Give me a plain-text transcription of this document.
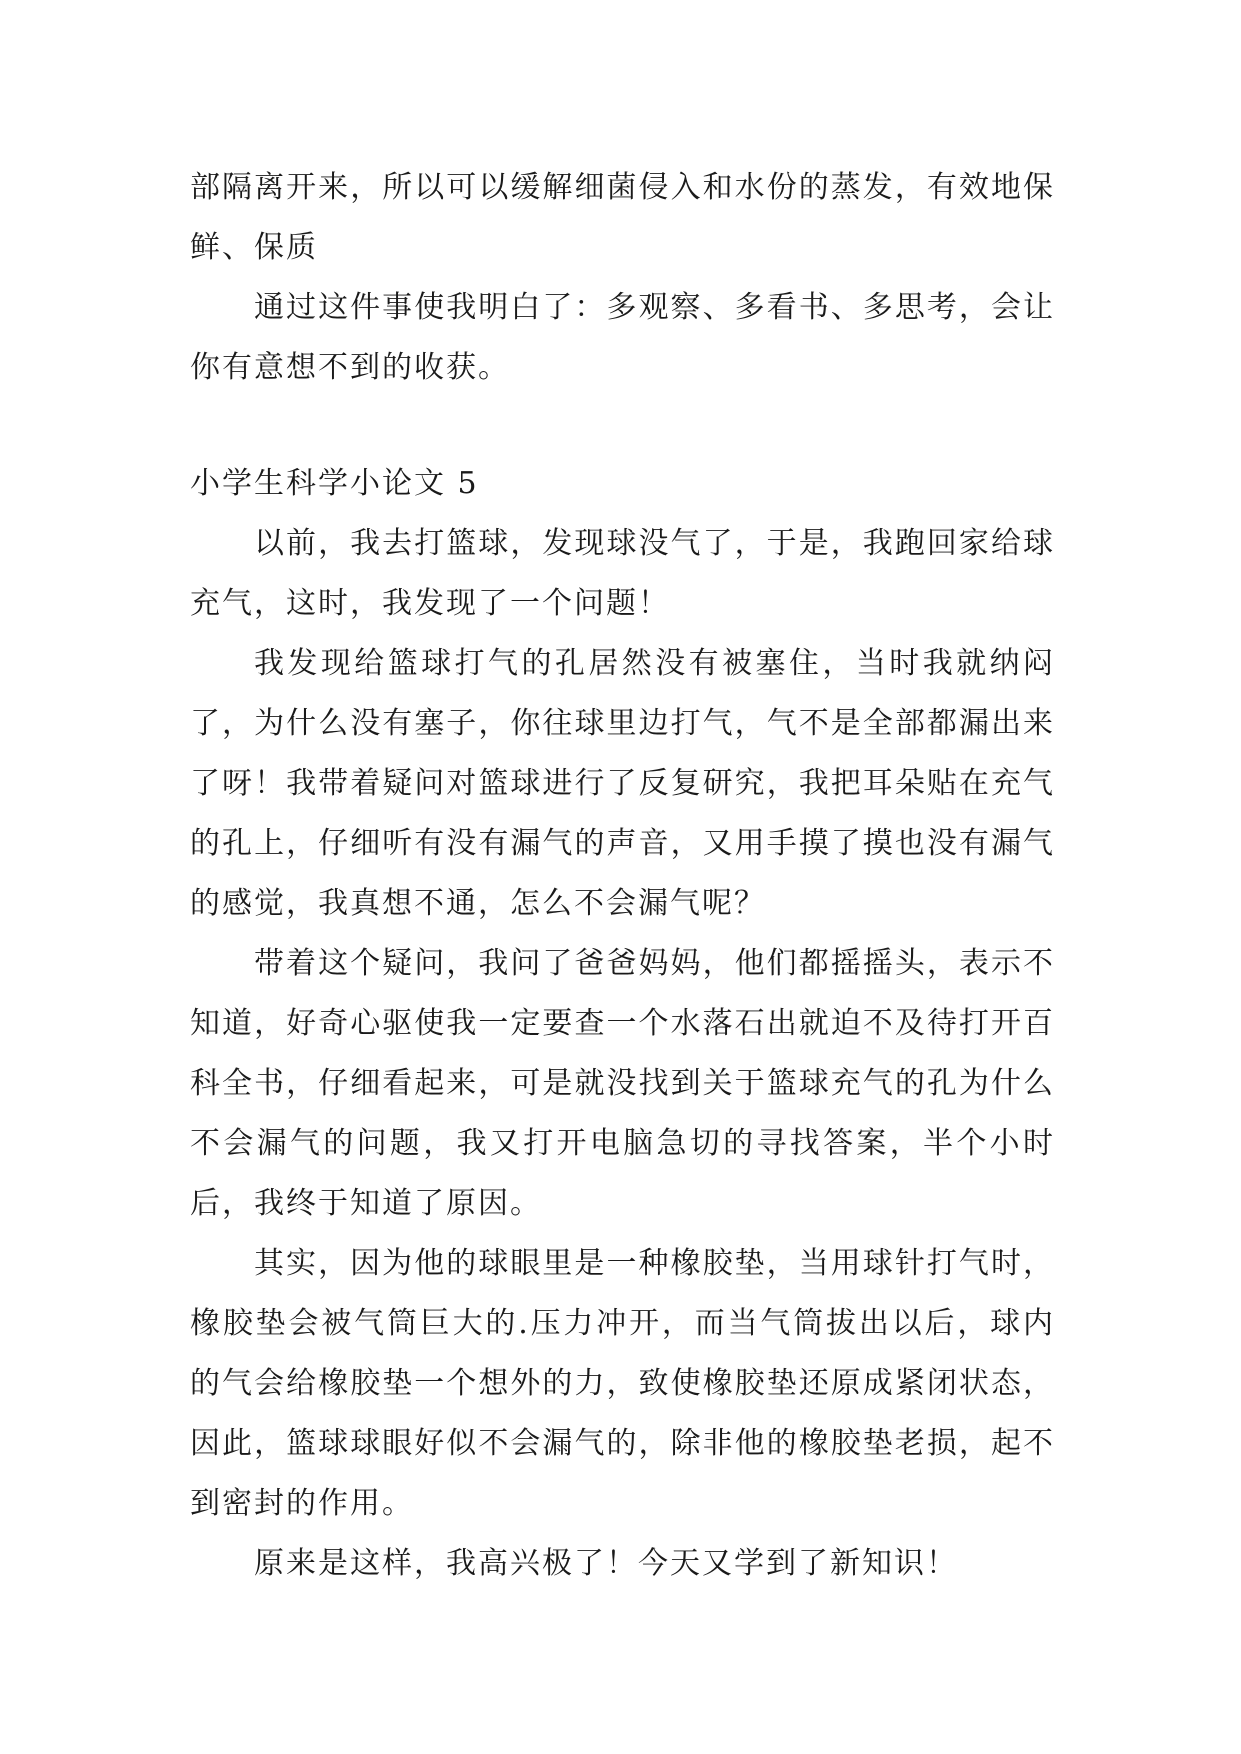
部隔离开来，所以可以缓解细菌侵入和水份的蒸发，有效地保鲜、保质

通过这件事使我明白了：多观察、多看书、多思考，会让你有意想不到的收获。

小学生科学小论文 5

以前，我去打篮球，发现球没气了，于是，我跑回家给球充气，这时，我发现了一个问题！

我发现给篮球打气的孔居然没有被塞住，当时我就纳闷了，为什么没有塞子，你往球里边打气，气不是全部都漏出来了呀！我带着疑问对篮球进行了反复研究，我把耳朵贴在充气的孔上，仔细听有没有漏气的声音，又用手摸了摸也没有漏气的感觉，我真想不通，怎么不会漏气呢？

带着这个疑问，我问了爸爸妈妈，他们都摇摇头，表示不知道，好奇心驱使我一定要查一个水落石出就迫不及待打开百科全书，仔细看起来，可是就没找到关于篮球充气的孔为什么不会漏气的问题，我又打开电脑急切的寻找答案，半个小时后，我终于知道了原因。

其实，因为他的球眼里是一种橡胶垫，当用球针打气时，橡胶垫会被气筒巨大的.压力冲开，而当气筒拔出以后，球内的气会给橡胶垫一个想外的力，致使橡胶垫还原成紧闭状态，因此，篮球球眼好似不会漏气的，除非他的橡胶垫老损，起不到密封的作用。

原来是这样，我高兴极了！今天又学到了新知识！
